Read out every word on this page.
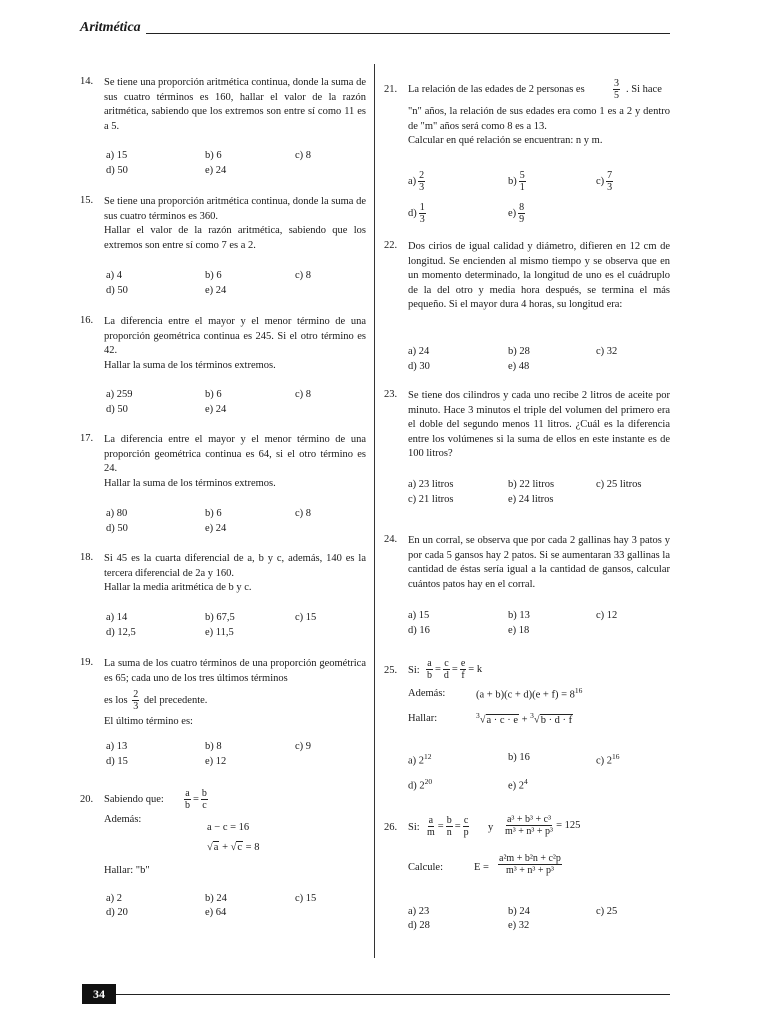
Aritmética
14. Se tiene una proporción aritmética continua, donde la suma de sus cuatro términos es 160, hallar el valor de la razón aritmética, sabiendo que los extremos son entre sí como 11 es a 5.
a) 15	b) 6	c) 8
d) 50	e) 24
15. Se tiene una proporción aritmética continua, donde la suma de sus cuatro términos es 360.

Hallar el valor de la razón aritmética, sabiendo que los extremos son entre sí como 7 es a 2.

a) 4	b) 6	c) 8
d) 50	e) 24
16. La diferencia entre el mayor y el menor término de una proporción geométrica continua es 245. Si el otro término es 42.

Hallar la suma de los términos extremos.

a) 259	b) 6	c) 8
d) 50	e) 24
17. La diferencia entre el mayor y el menor término de una proporción geométrica continua es 64, si el otro término es 24.

Hallar la suma de los términos extremos.

a) 80	b) 6	c) 8
d) 50	e) 24
18. Si 45 es la cuarta diferencial de a, b y c, además, 140 es la tercera diferencial de 2a y 160.

Hallar la media aritmética de b y c.

a) 14	b) 67,5	c) 15
d) 12,5	e) 11,5
19. La suma de los cuatro términos de una proporción geométrica es 65; cada uno de los tres últimos términos

es los $\frac{2}{3}$ del precedente.

El último término es:

a) 13	b) 8	c) 9
d) 15	e) 12
20. Sabiendo que: $\frac{a}{b} = \frac{b}{c}$
Además:
a − c = 16
√a + √c = 8
Hallar: "b"
a) 2	b) 24	c) 15
d) 20	e) 64
21. La relación de las edades de 2 personas es	$\frac{3}{5}$ . Si hace

"n" años, la relación de sus edades era como 1 es a 2 y dentro de "m" años será como 8 es a 13.

Calcular en qué relación se encuentran: n y m.

$a) \frac{2}{3}$	$b) \frac{5}{1}$	$c) \frac{7}{3}$
$d) \frac{1}{3}$	$e) \frac{8}{9}$
22. Dos cirios de igual calidad y diámetro, difieren en 12 cm de longitud. Se encienden al mismo tiempo y se observa que en un momento determinado, la longitud de uno es el cuádruplo de la del otro y media hora después, se termina el más pequeño. Si el mayor dura 4 horas, su longitud era:
a) 24	b) 28	c) 32
d) 30	e) 48
23. Se tiene dos cilindros y cada uno recibe 2 litros de aceite por minuto. Hace 3 minutos el triple del volumen del primero era el doble del segundo menos 11 litros. ¿Cuál es la diferencia entre los volúmenes si la suma de ellos en este instante es de 100 litros?
a) 23 litros	b) 22 litros	c) 25 litros
c) 21 litros	e) 24 litros
24. En un corral, se observa que por cada 2 gallinas hay 3 patos y por cada 5 gansos hay 2 patos. Si se aumentaran 33 gallinas la cantidad de éstas sería igual a la cantidad de gansos, calcular cuántos patos hay en el corral.
a) 15	b) 13	c) 12
d) 16	e) 18
25. Si: $\frac{a}{b} = \frac{c}{d} = \frac{e}{f} = k$
Además:	$(a + b)(c + d)(e + f) = 8^{16}$
Hallar:	$^3$√a · c · e + $^3$√b · d · f
a) $2^{12}$	b) 16	c) $2^{16}$
d) $2^{20}$	e) $2^4$
26. Si: $\frac{a}{m} = \frac{b}{n} = \frac{c}{p}$ y $\frac{\text{a³ + b³ + c³}}{\text{m³ + n³ + p³}} = 125$
Calcule:	$E = \frac{\text{a²m + b²n + c²p}}{\text{m³ + n³ + p³}}$
a) 23	b) 24	c) 25
d) 28	e) 32
34
